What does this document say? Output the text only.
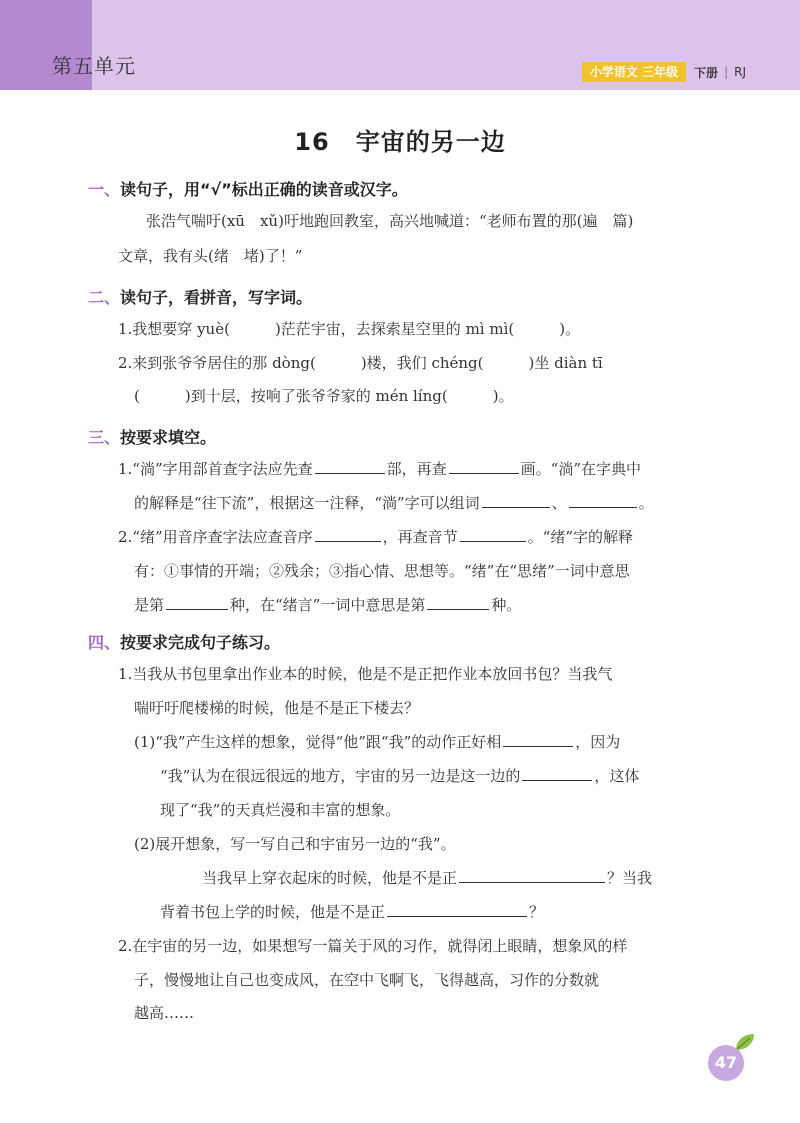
第五单元	小学语文 三年级	下册 | RJ
16 宇宙的另一边
一、读句子，用“√”标出正确的读音或汉字。
张浩气喘吁(xū　xǔ)吁地跑回教室，高兴地喊道：“老师布置的那(遍　篇)
文章，我有头(绪　堵)了！”
二、读句子，看拼音，写字词。
1.我想要穿 yuè(　　　)茫茫宇宙，去探索星空里的 mì mì(　　　)。
2.来到张爷爷居住的那 dòng(　　　)楼，我们 chéng(　　　)坐 diàn tī
(　　　)到十层，按响了张爷爷家的 mén líng(　　　)。
三、按要求填空。
1.“淌”字用部首查字法应先查	部，再查	画。“淌”在字典中
的解释是“往下流”，根据这一注释，“淌”字可以组词	、	。
2.“绪”用音序查字法应查音序	，再查音节	。“绪”字的解释
有：①事情的开端；②残余；③指心情、思想等。“绪”在“思绪”一词中意思
是第	种，在“绪言”一词中意思是第	种。
四、按要求完成句子练习。
1.当我从书包里拿出作业本的时候，他是不是正把作业本放回书包？当我气
喘吁吁爬楼梯的时候，他是不是正下楼去？
(1)“我”产生这样的想象，觉得“他”跟“我”的动作正好相	，因为
“我”认为在很远很远的地方，宇宙的另一边是这一边的	，这体
现了“我”的天真烂漫和丰富的想象。
(2)展开想象，写一写自己和宇宙另一边的“我”。
当我早上穿衣起床的时候，他是不是正	？当我
背着书包上学的时候，他是不是正	？
2.在宇宙的另一边，如果想写一篇关于风的习作，就得闭上眼睛，想象风的样
子，慢慢地让自己也变成风，在空中飞啊飞，飞得越高，习作的分数就
越高……
47
